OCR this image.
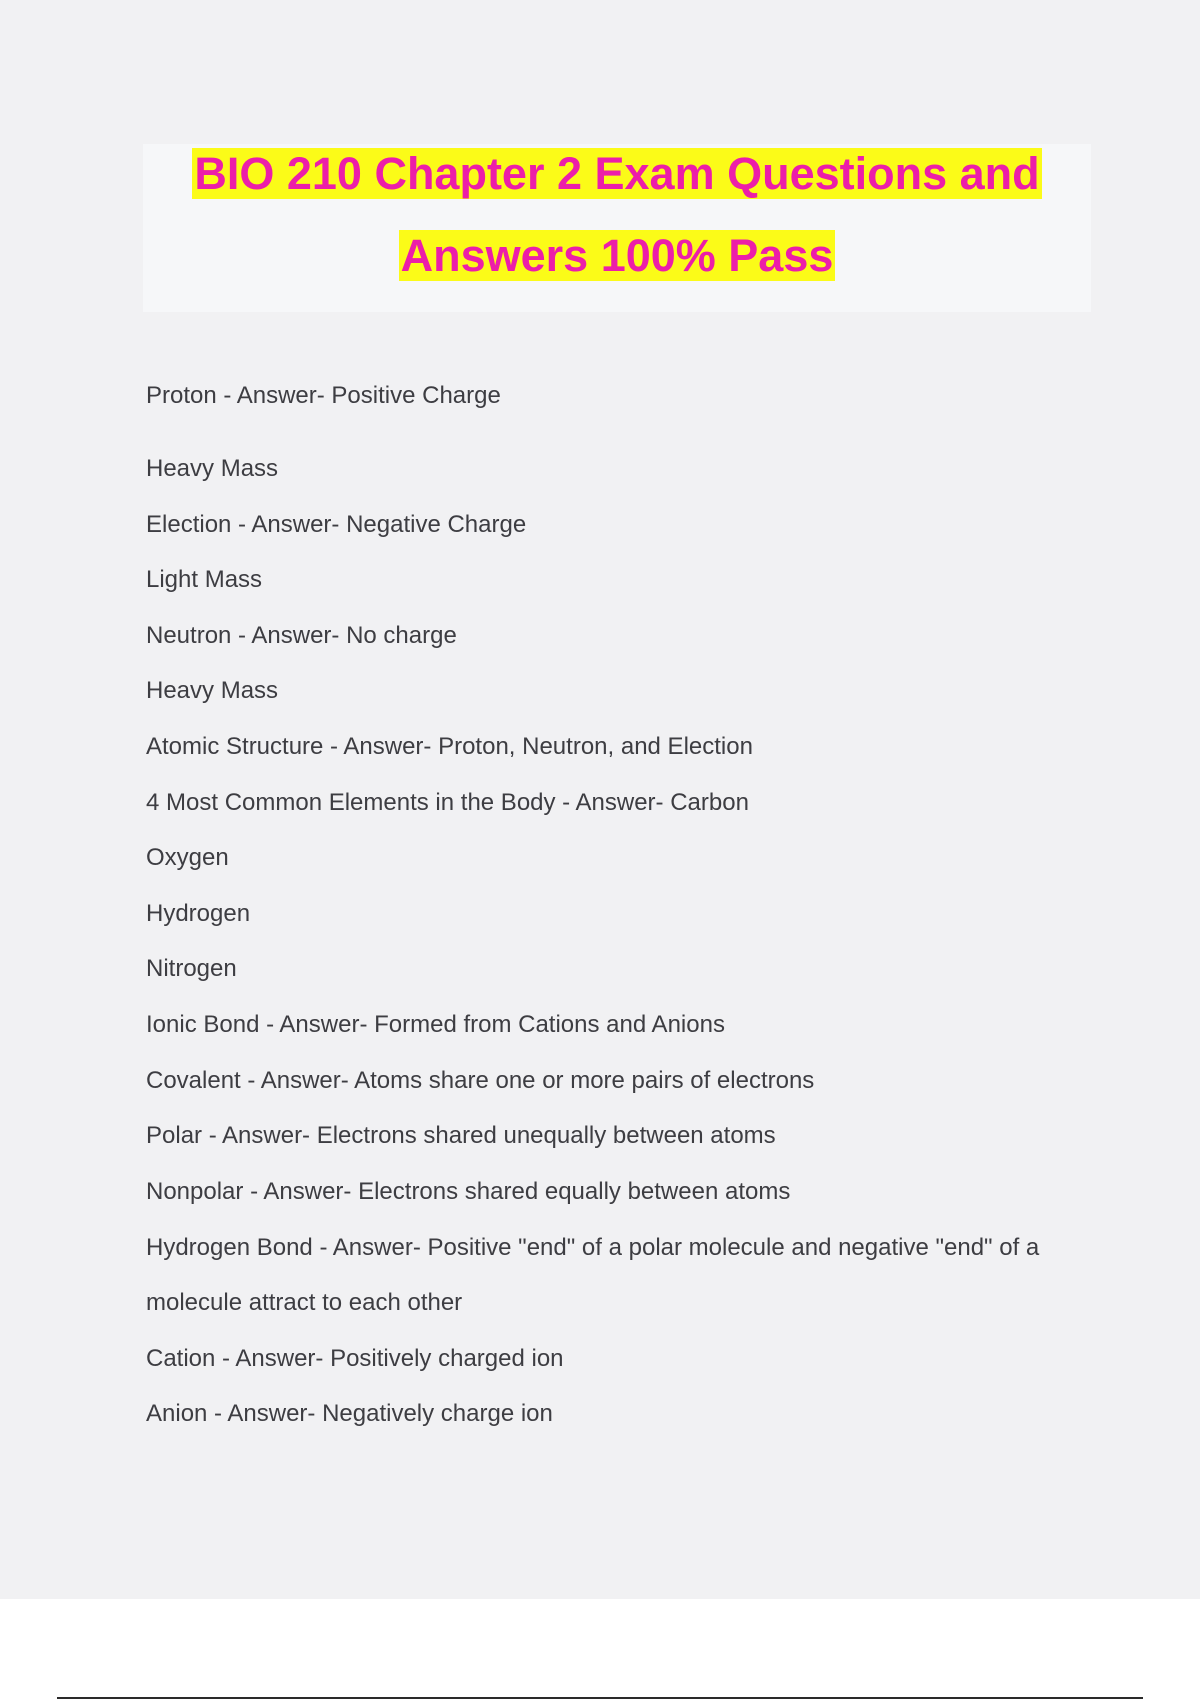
BIO 210 Chapter 2 Exam Questions and
Answers 100% Pass

Proton - Answer- Positive Charge

Heavy Mass

Election - Answer- Negative Charge

Light Mass

Neutron - Answer- No charge

Heavy Mass

Atomic Structure - Answer- Proton, Neutron, and Election

4 Most Common Elements in the Body - Answer- Carbon

Oxygen

Hydrogen

Nitrogen

Ionic Bond - Answer- Formed from Cations and Anions

Covalent - Answer- Atoms share one or more pairs of electrons

Polar - Answer- Electrons shared unequally between atoms

Nonpolar - Answer- Electrons shared equally between atoms

Hydrogen Bond - Answer- Positive "end" of a polar molecule and negative "end" of a

molecule attract to each other

Cation - Answer- Positively charged ion

Anion - Answer- Negatively charge ion
